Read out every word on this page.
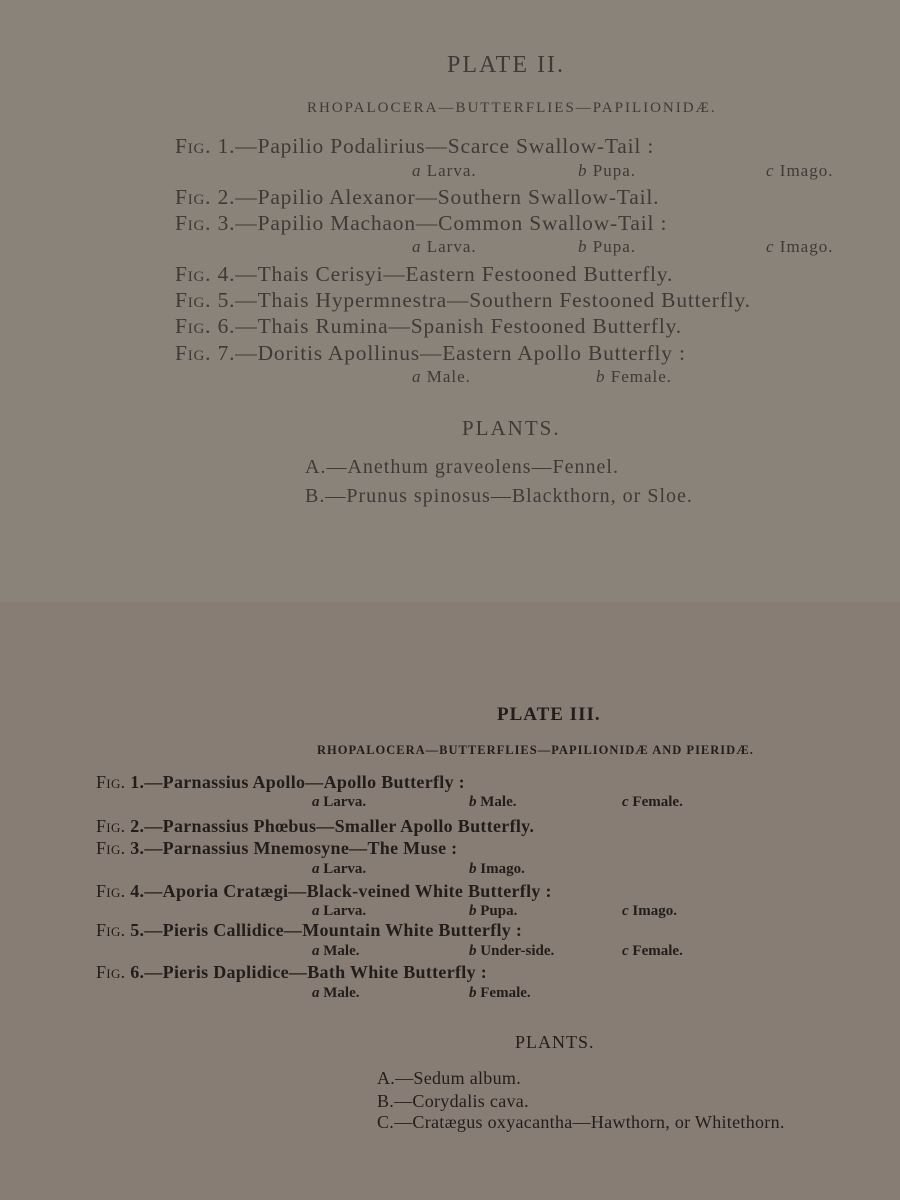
PLATE II.
RHOPALOCERA—BUTTERFLIES—PAPILIONIDÆ.
Fig. 1.—Papilio Podalirius—Scarce Swallow-Tail :
a Larva.	b Pupa.	c Imago.
Fig. 2.—Papilio Alexanor—Southern Swallow-Tail.
Fig. 3.—Papilio Machaon—Common Swallow-Tail :
a Larva.	b Pupa.	c Imago.
Fig. 4.—Thais Cerisyi—Eastern Festooned Butterfly.
Fig. 5.—Thais Hypermnestra—Southern Festooned Butterfly.
Fig. 6.—Thais Rumina—Spanish Festooned Butterfly.
Fig. 7.—Doritis Apollinus—Eastern Apollo Butterfly :
a Male.	b Female.
PLANTS.
A.—Anethum graveolens—Fennel.
B.—Prunus spinosus—Blackthorn, or Sloe.
PLATE III.
RHOPALOCERA—BUTTERFLIES—PAPILIONIDÆ AND PIERIDÆ.
Fig. 1.—Parnassius Apollo—Apollo Butterfly :
a Larva.	b Male.	c Female.
Fig. 2.—Parnassius Phœbus—Smaller Apollo Butterfly.
Fig. 3.—Parnassius Mnemosyne—The Muse :
a Larva.	b Imago.
Fig. 4.—Aporia Cratægi—Black-veined White Butterfly :
a Larva.	b Pupa.	c Imago.
Fig. 5.—Pieris Callidice—Mountain White Butterfly :
a Male.	b Under-side.	c Female.
Fig. 6.—Pieris Daplidice—Bath White Butterfly :
a Male.	b Female.
PLANTS.
A.—Sedum album.
B.—Corydalis cava.
C.—Cratægus oxyacantha—Hawthorn, or Whitethorn.
